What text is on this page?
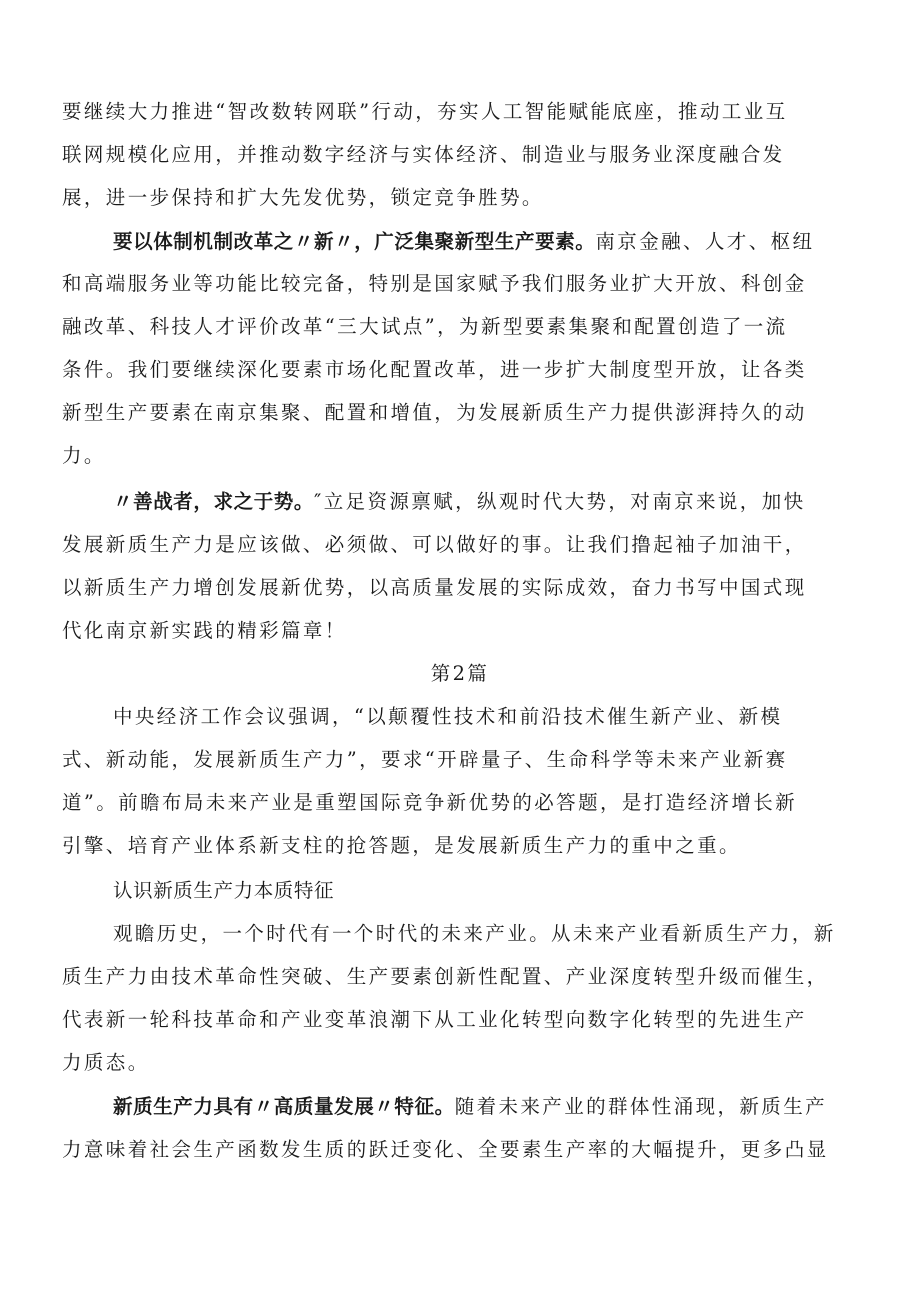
要继续大力推进“智改数转网联”行动，夯实人工智能赋能底座，推动工业互
联网规模化应用，并推动数字经济与实体经济、制造业与服务业深度融合发
展，进一步保持和扩大先发优势，锁定竞争胜势。
要以体制机制改革之〃新〃，广泛集聚新型生产要素。南京金融、人才、枢纽
和高端服务业等功能比较完备，特别是国家赋予我们服务业扩大开放、科创金
融改革、科技人才评价改革“三大试点”，为新型要素集聚和配置创造了一流
条件。我们要继续深化要素市场化配置改革，进一步扩大制度型开放，让各类
新型生产要素在南京集聚、配置和增值，为发展新质生产力提供澎湃持久的动
力。
〃善战者，求之于势。″立足资源禀赋，纵观时代大势，对南京来说，加快
发展新质生产力是应该做、必须做、可以做好的事。让我们撸起袖子加油干，
以新质生产力增创发展新优势，以高质量发展的实际成效，奋力书写中国式现
代化南京新实践的精彩篇章！
第2篇
中央经济工作会议强调，“以颠覆性技术和前沿技术催生新产业、新模
式、新动能，发展新质生产力”，要求“开辟量子、生命科学等未来产业新赛
道”。前瞻布局未来产业是重塑国际竞争新优势的必答题，是打造经济增长新
引擎、培育产业体系新支柱的抢答题，是发展新质生产力的重中之重。
认识新质生产力本质特征
观瞻历史，一个时代有一个时代的未来产业。从未来产业看新质生产力，新
质生产力由技术革命性突破、生产要素创新性配置、产业深度转型升级而催生，
代表新一轮科技革命和产业变革浪潮下从工业化转型向数字化转型的先进生产
力质态。
新质生产力具有〃高质量发展〃特征。随着未来产业的群体性涌现，新质生产
力意味着社会生产函数发生质的跃迁变化、全要素生产率的大幅提升，更多凸显
